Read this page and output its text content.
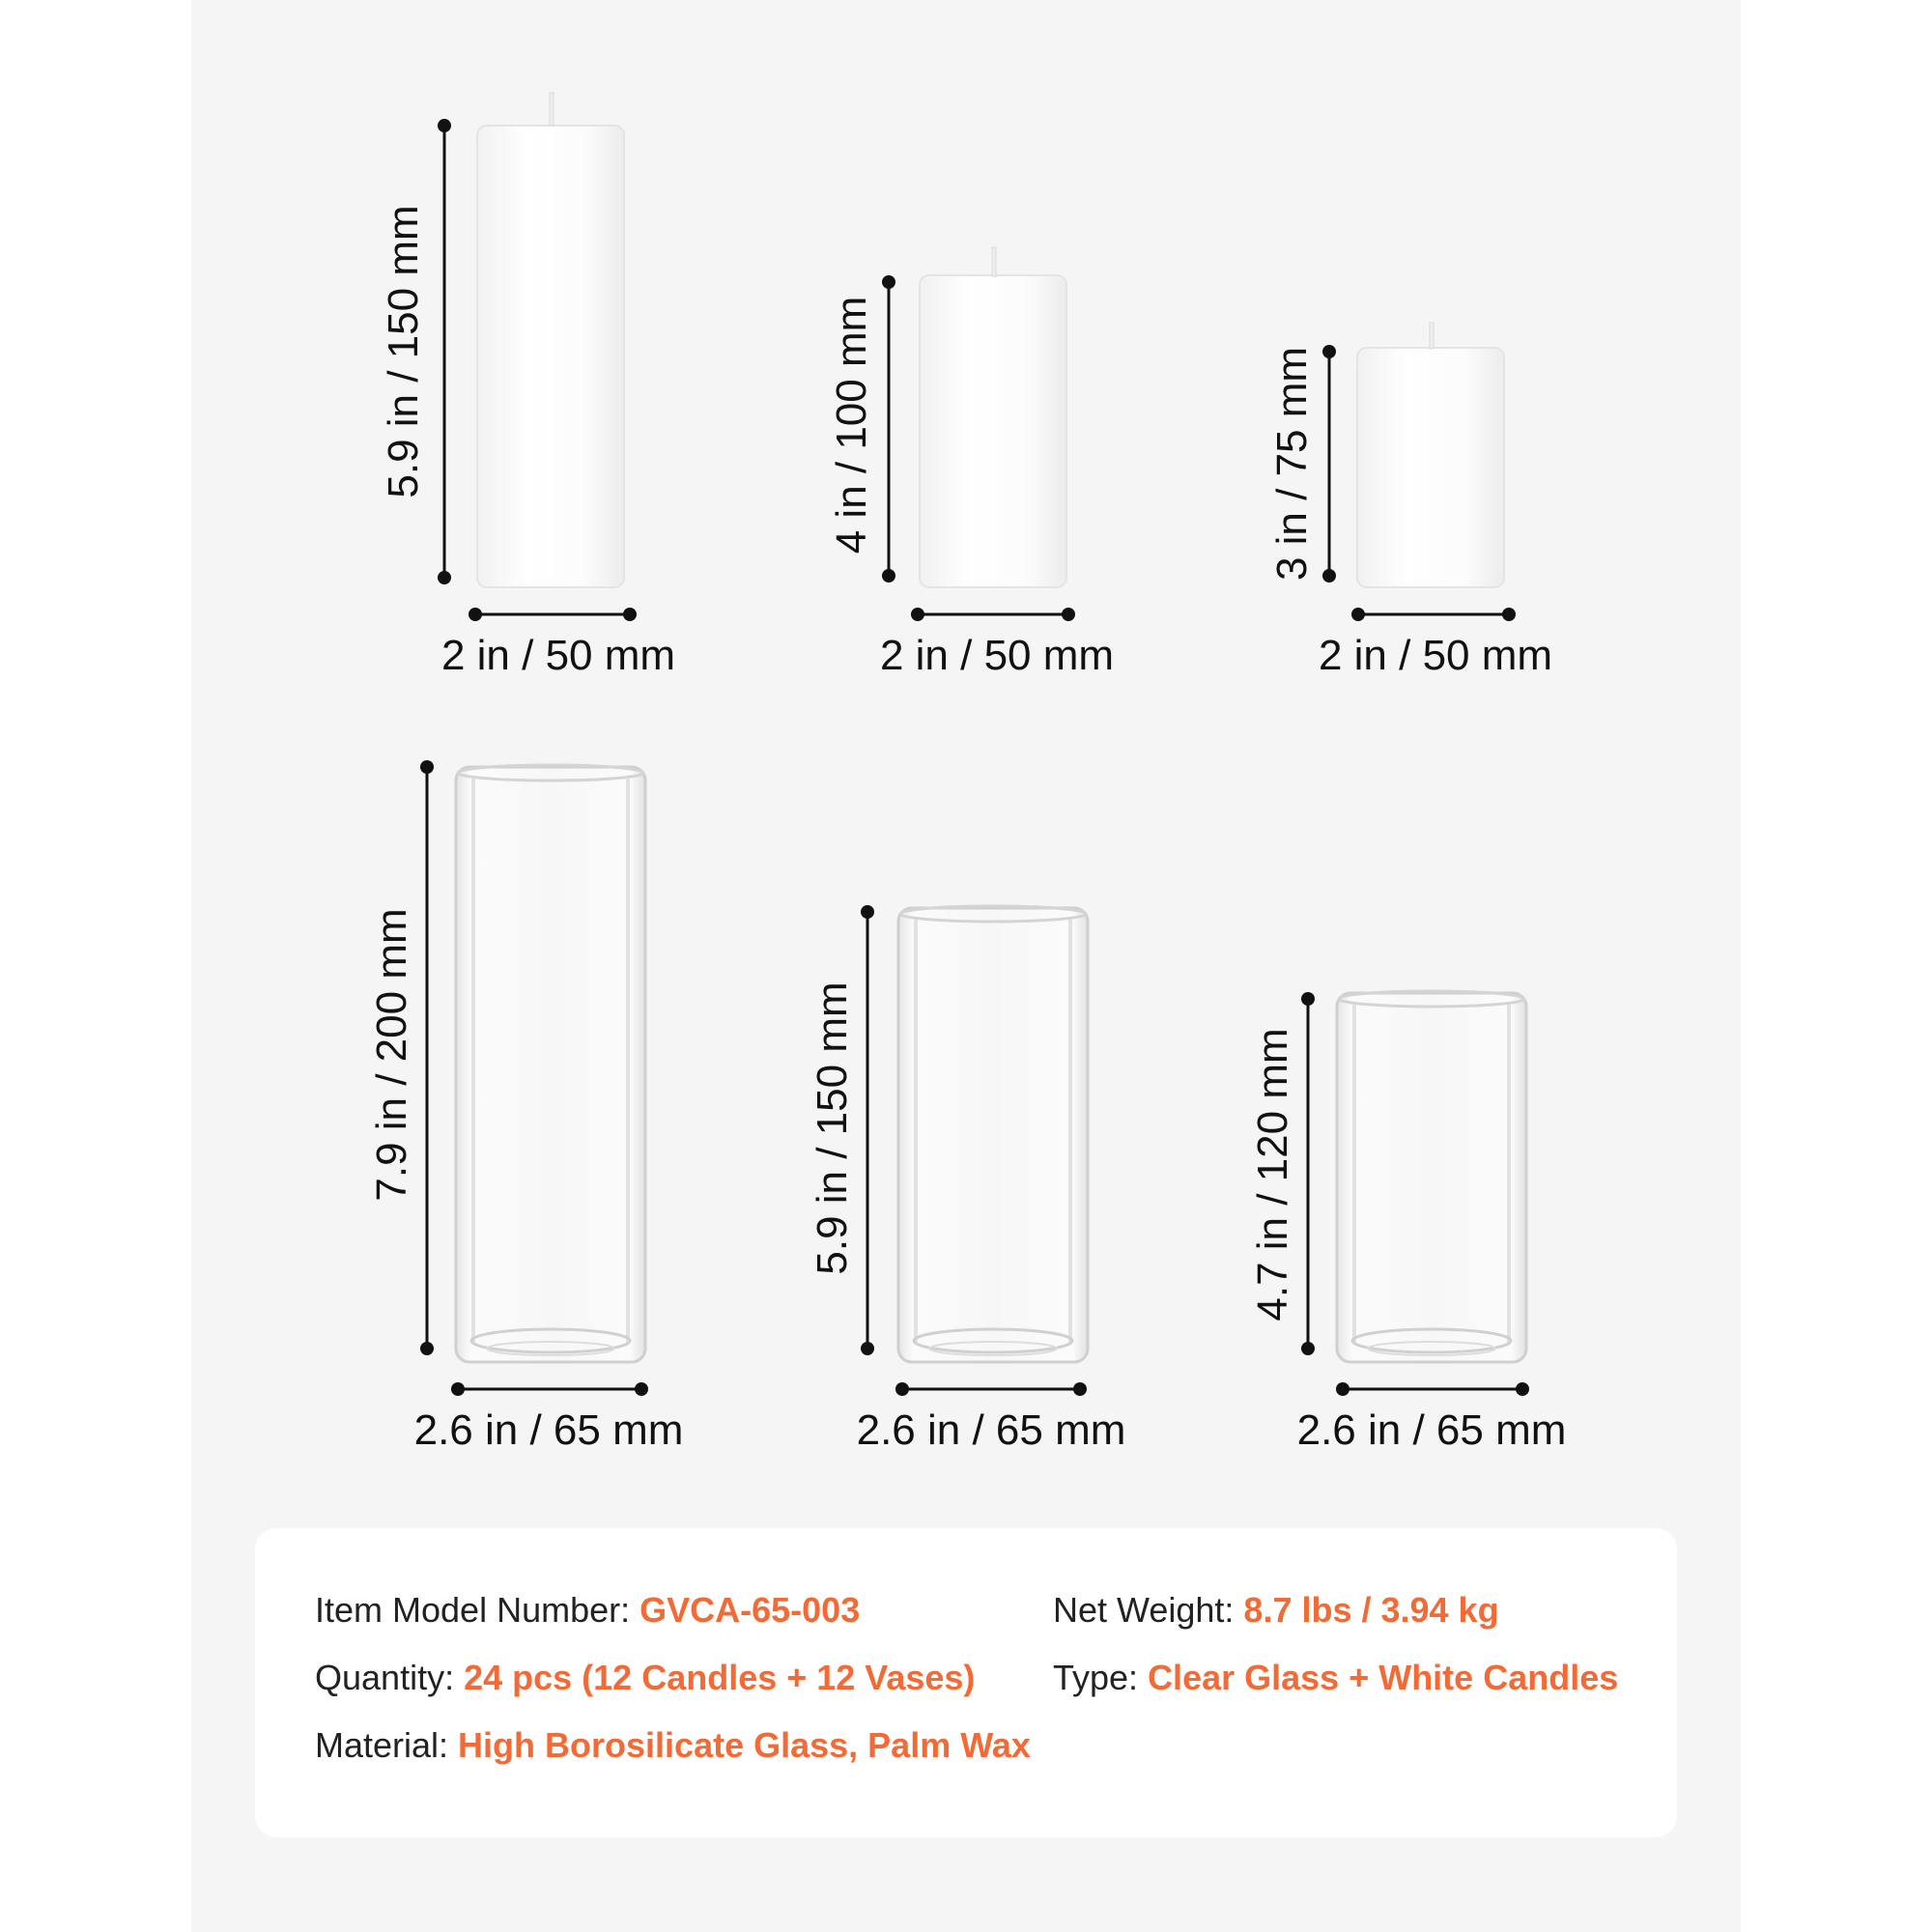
5.9 in / 150 mm
2 in / 50 mm
4 in / 100 mm
2 in / 50 mm
3 in / 75 mm
2 in / 50 mm
7.9 in / 200 mm
2.6 in / 65 mm
5.9 in / 150 mm
2.6 in / 65 mm
4.7 in / 120 mm
2.6 in / 65 mm
Item Model Number: GVCA-65-003	Net Weight: 8.7 lbs / 3.94 kg
Quantity: 24 pcs (12 Candles + 12 Vases) Type: Clear Glass + White Candles
Material: High Borosilicate Glass, Palm Wax
